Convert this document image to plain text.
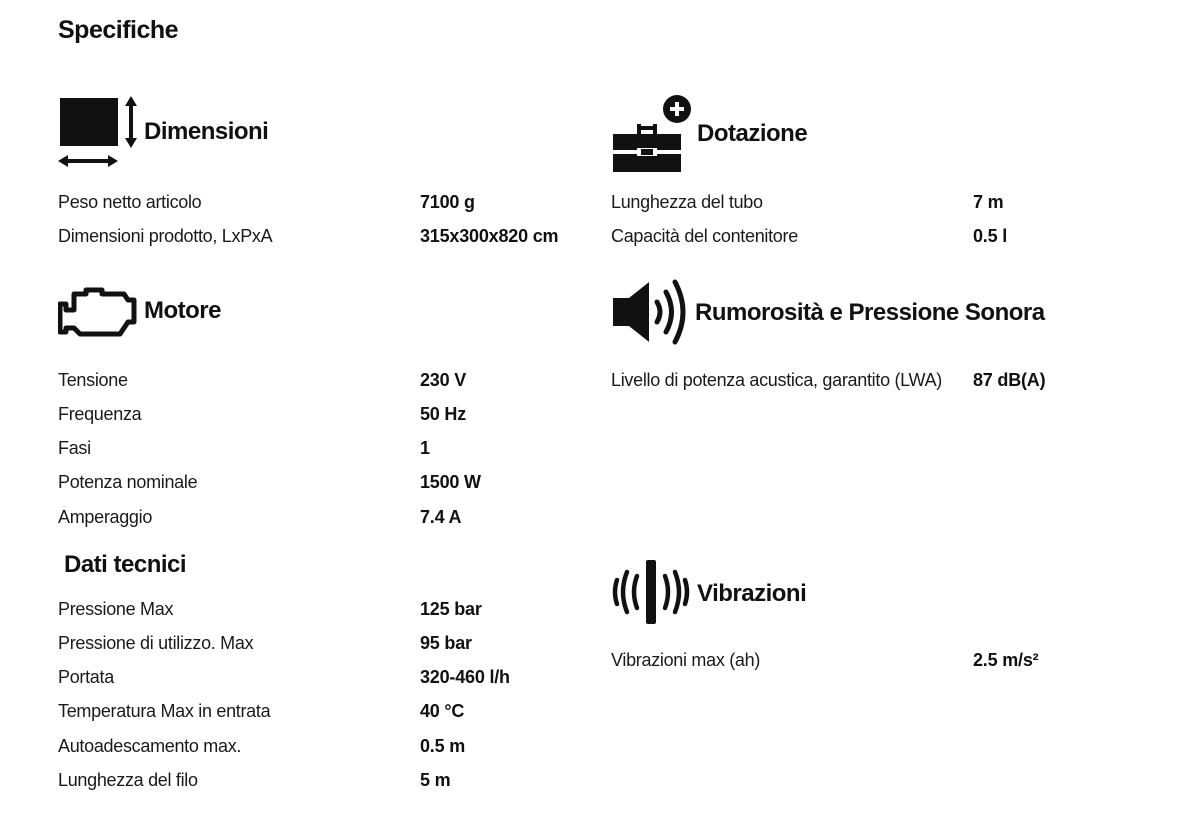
Specifiche
Dimensioni
Peso netto articolo	7100 g
Dimensioni prodotto, LxPxA	315x300x820 cm
Dotazione
Lunghezza del tubo	7 m
Capacità del contenitore	0.5 l
Motore
Tensione	230 V
Frequenza	50 Hz
Fasi	1
Potenza nominale	1500 W
Amperaggio	7.4 A
Rumorosità e Pressione Sonora
Livello di potenza acustica, garantito (LWA) 87 dB(A)
Dati tecnici
Pressione Max	125 bar
Pressione di utilizzo. Max	95 bar
Portata	320-460 l/h
Temperatura Max in entrata	40 °C
Autoadescamento max.	0.5 m
Lunghezza del filo	5 m
Vibrazioni
Vibrazioni max (ah)	2.5 m/s²
